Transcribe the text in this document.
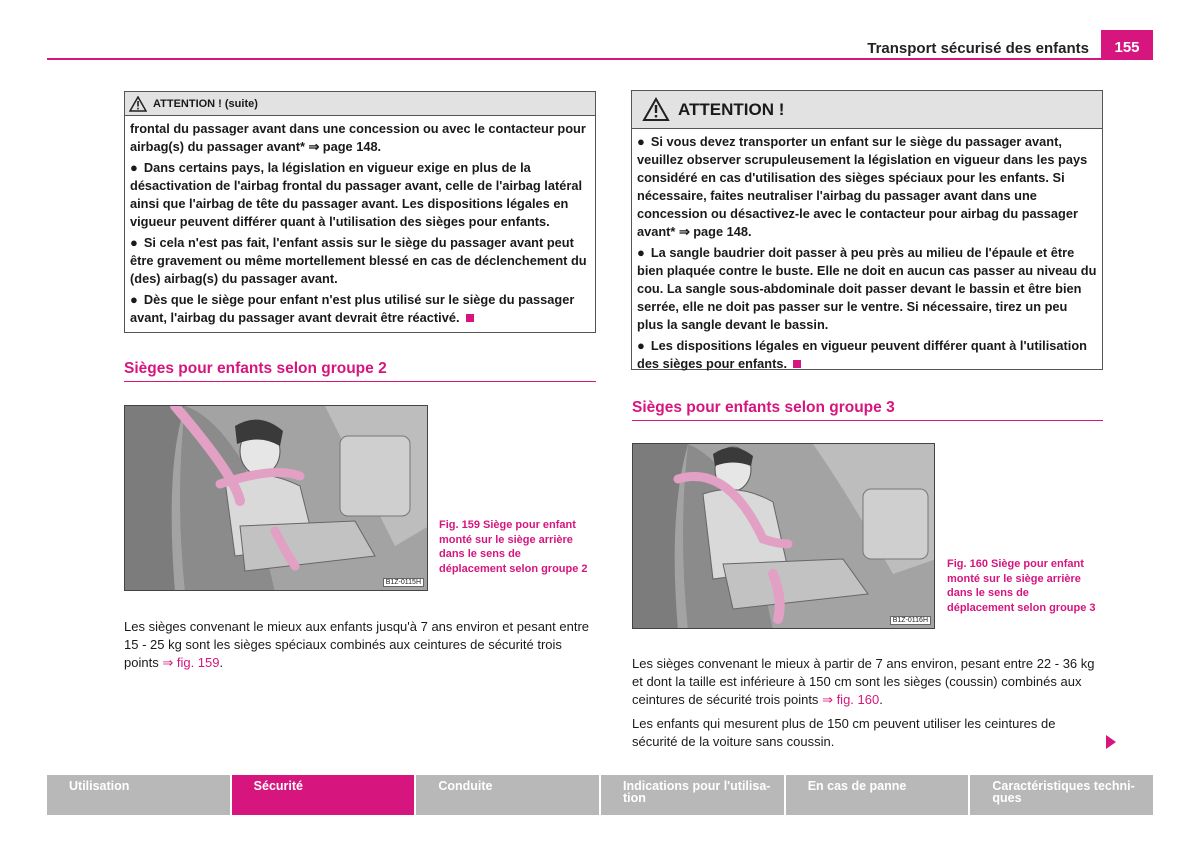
Transport sécurisé des enfants	155
ATTENTION ! (suite)

frontal du passager avant dans une concession ou avec le contacteur pour airbag(s) du passager avant* ⇒ page 148.

● Dans certains pays, la législation en vigueur exige en plus de la désactivation de l'airbag frontal du passager avant, celle de l'airbag latéral ainsi que l'airbag de tête du passager avant. Les dispositions légales en vigueur peuvent différer quant à l'utilisation des sièges pour enfants.

● Si cela n'est pas fait, l'enfant assis sur le siège du passager avant peut être gravement ou même mortellement blessé en cas de déclenchement du (des) airbag(s) du passager avant.

● Dès que le siège pour enfant n'est plus utilisé sur le siège du passager avant, l'airbag du passager avant devrait être réactivé.

ATTENTION !

● Si vous devez transporter un enfant sur le siège du passager avant, veuillez observer scrupuleusement la législation en vigueur dans les pays considéré en cas d'utilisation des sièges spéciaux pour les enfants. Si nécessaire, faites neutraliser l'airbag du passager avant dans une concession ou désactivez-le avec le contacteur pour airbag du passager avant* ⇒ page 148.

● La sangle baudrier doit passer à peu près au milieu de l'épaule et être bien plaquée contre le buste. Elle ne doit en aucun cas passer au niveau du cou. La sangle sous-abdominale doit passer devant le bassin et être bien serrée, elle ne doit pas passer sur le ventre. Si nécessaire, tirez un peu plus la sangle devant le bassin.

● Les dispositions légales en vigueur peuvent différer quant à l'utilisation des sièges pour enfants.

Sièges pour enfants selon groupe 2
B1Z-0115H
Fig. 159 Siège pour enfant monté sur le siège arrière dans le sens de déplacement selon groupe 2

Les sièges convenant le mieux aux enfants jusqu'à 7 ans environ et pesant entre 15 - 25 kg sont les sièges spéciaux combinés aux ceintures de sécurité trois points ⇒ fig. 159.

Sièges pour enfants selon groupe 3
B1Z-0116H
Fig. 160 Siège pour enfant monté sur le siège arrière dans le sens de déplacement selon groupe 3

Les sièges convenant le mieux à partir de 7 ans environ, pesant entre 22 - 36 kg et dont la taille est inférieure à 150 cm sont les sièges (coussin) combinés aux ceintures de sécurité trois points ⇒ fig. 160.

Les enfants qui mesurent plus de 150 cm peuvent utiliser les ceintures de sécurité de la voiture sans coussin.

Utilisation	Sécurité	Conduite	Indications pour l'utilisa-
tion
En cas de panne	Caractéristiques techni-
ques
